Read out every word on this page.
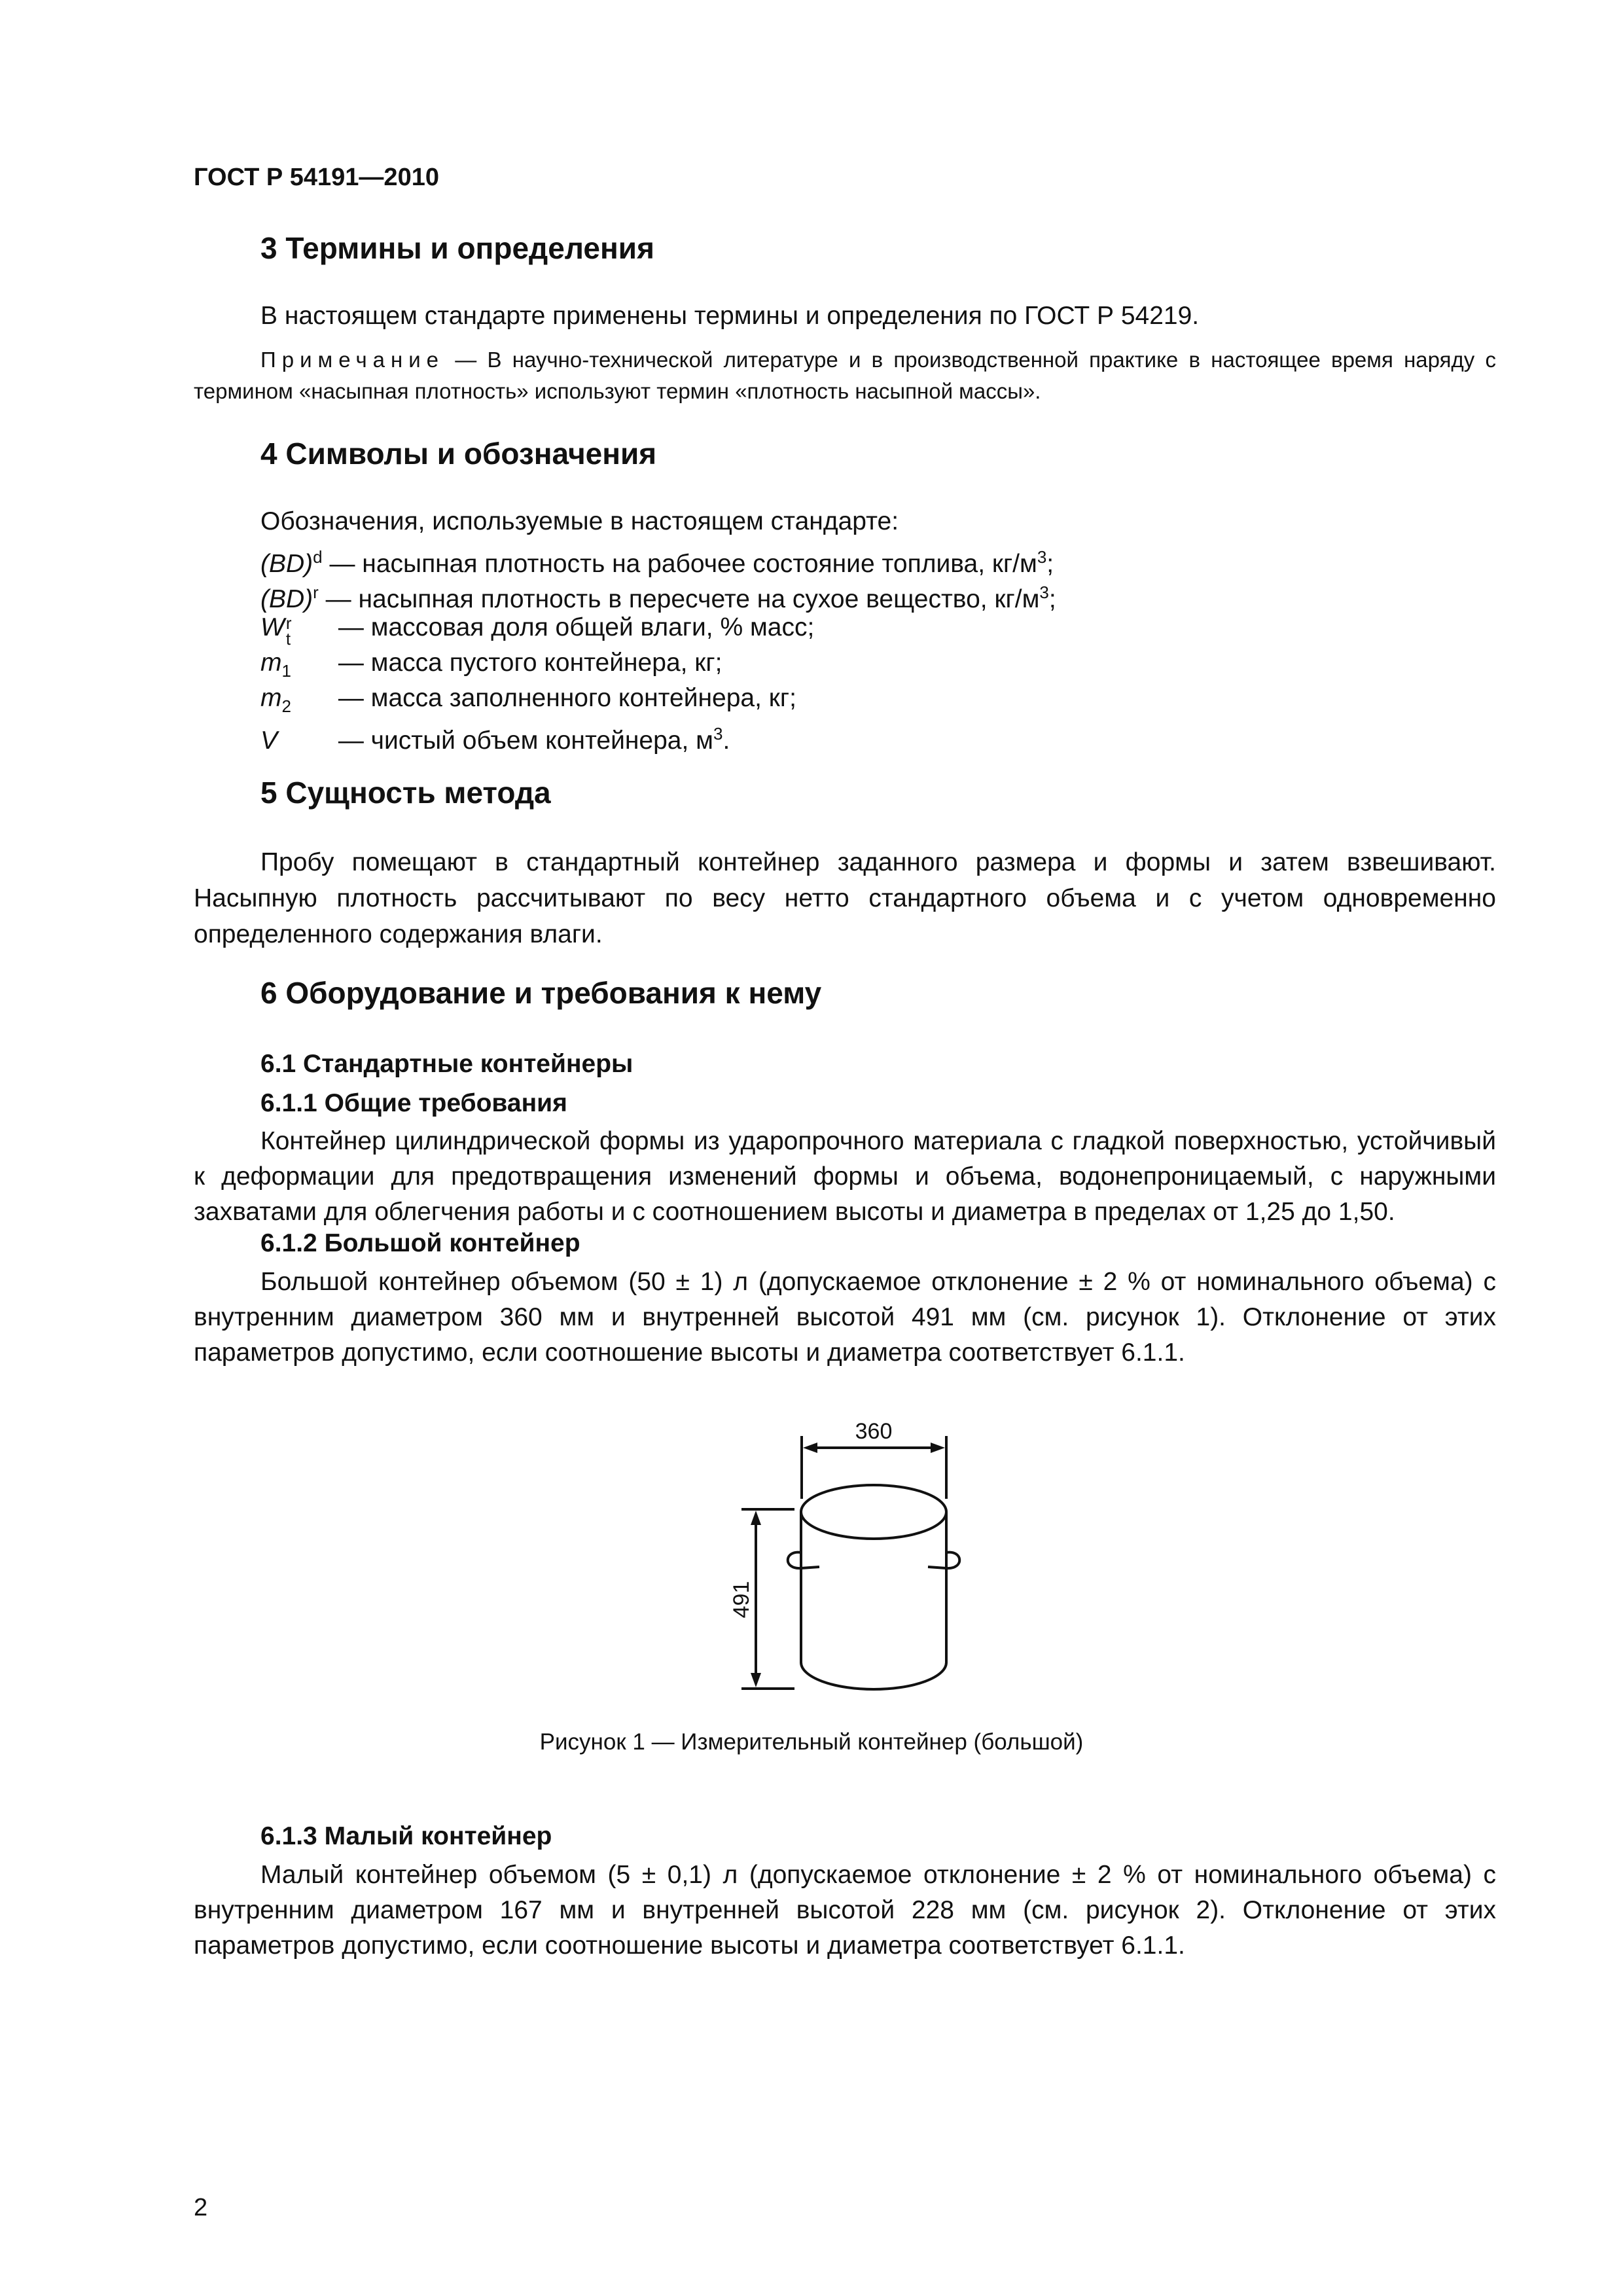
ГОСТ Р 54191—2010
3 Термины и определения
В настоящем стандарте применены термины и определения по ГОСТ Р 54219.
Примечание — В научно-технической литературе и в производственной практике в настоящее время наряду с термином «насыпная плотность» используют термин «плотность насыпной массы».
4 Символы и обозначения
Обозначения, используемые в настоящем стандарте:
(BD)$^d$ — насыпная плотность на рабочее состояние топлива, $кг/м^3$;
(BD)$^r$ — насыпная плотность в пересчете на сухое вещество, $кг/м^3$;
W r
t — массовая доля общей влаги, % масс;
$m_1$ — масса пустого контейнера, кг;
$m_2$ — масса заполненного контейнера, кг;
V — чистый объем контейнера, $м^3$.
5 Сущность метода
Пробу помещают в стандартный контейнер заданного размера и формы и затем взвешивают. Насыпную плотность рассчитывают по весу нетто стандартного объема и с учетом одновременно определенного содержания влаги.
6 Оборудование и требования к нему
6.1 Стандартные контейнеры
6.1.1 Общие требования
Контейнер цилиндрической формы из ударопрочного материала с гладкой поверхностью, устойчивый к деформации для предотвращения изменений формы и объема, водонепроницаемый, с наружными захватами для облегчения работы и с соотношением высоты и диаметра в пределах от 1,25 до 1,50.
6.1.2 Большой контейнер
Большой контейнер объемом (50 ± 1) л (допускаемое отклонение ± 2 % от номинального объема) с внутренним диаметром 360 мм и внутренней высотой 491 мм (см. рисунок 1). Отклонение от этих параметров допустимо, если соотношение высоты и диаметра соответствует 6.1.1.
360
491
Рисунок 1 — Измерительный контейнер (большой)
6.1.3 Малый контейнер
Малый контейнер объемом (5 ± 0,1) л (допускаемое отклонение ± 2 % от номинального объема) с внутренним диаметром 167 мм и внутренней высотой 228 мм (см. рисунок 2). Отклонение от этих параметров допустимо, если соотношение высоты и диаметра соответствует 6.1.1.
2
